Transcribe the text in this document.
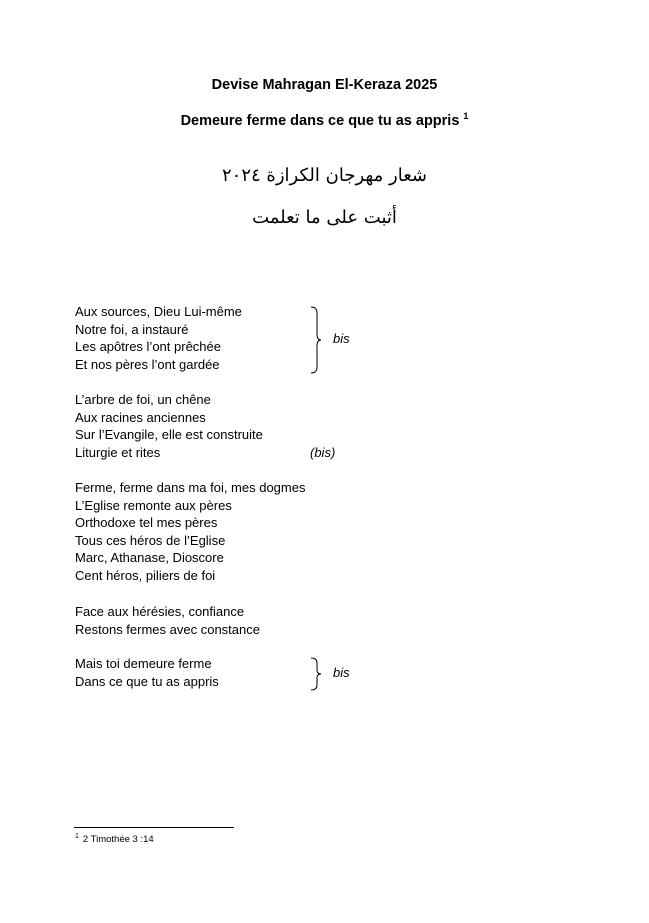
Devise Mahragan El-Keraza 2025
Demeure ferme dans ce que tu as appris $^1$
شعار مهرجان الكرازة ٢٠٢٤
أثبت على ما تعلمت
Aux sources, Dieu Lui-même
Notre foi, a instauré
Les apôtres l’ont prêchée
Et nos pères l’ont gardée
bis
L’arbre de foi, un chêne
Aux racines anciennes
Sur l’Evangile, elle est construite
Liturgie et rites	(bis)
Ferme, ferme dans ma foi, mes dogmes
L’Eglise remonte aux pères
Orthodoxe tel mes pères
Tous ces héros de l’Eglise
Marc, Athanase, Dioscore
Cent héros, piliers de foi
Face aux hérésies, confiance
Restons fermes avec constance
Mais toi demeure ferme
Dans ce que tu as appris
bis
$^1$ 2 Timothée 3 :14
